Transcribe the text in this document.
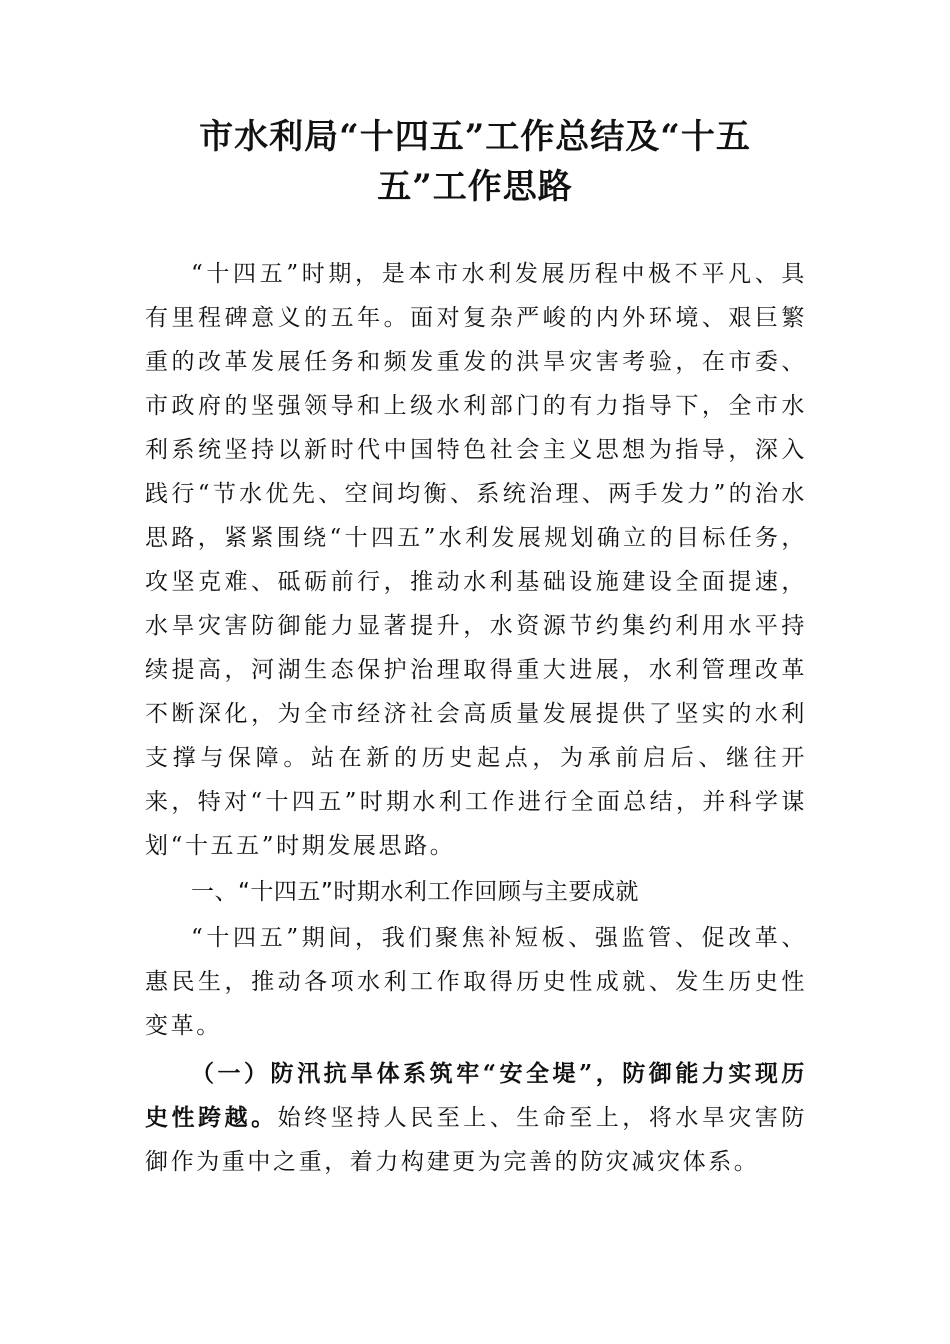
市水利局“十四五”工作总结及“十五
五”工作思路

“十四五”时期，是本市水利发展历程中极不平凡、具有里程碑意义的五年。面对复杂严峻的内外环境、艰巨繁重的改革发展任务和频发重发的洪旱灾害考验，在市委、市政府的坚强领导和上级水利部门的有力指导下，全市水利系统坚持以新时代中国特色社会主义思想为指导，深入践行“节水优先、空间均衡、系统治理、两手发力”的治水思路，紧紧围绕“十四五”水利发展规划确立的目标任务，攻坚克难、砥砺前行，推动水利基础设施建设全面提速，水旱灾害防御能力显著提升，水资源节约集约利用水平持续提高，河湖生态保护治理取得重大进展，水利管理改革不断深化，为全市经济社会高质量发展提供了坚实的水利支撑与保障。站在新的历史起点，为承前启后、继往开来，特对“十四五”时期水利工作进行全面总结，并科学谋划“十五五”时期发展思路。

一、“十四五”时期水利工作回顾与主要成就

“十四五”期间，我们聚焦补短板、强监管、促改革、惠民生，推动各项水利工作取得历史性成就、发生历史性变革。

（一）防汛抗旱体系筑牢“安全堤”，防御能力实现历史性跨越。始终坚持人民至上、生命至上，将水旱灾害防御作为重中之重，着力构建更为完善的防灾减灾体系。
